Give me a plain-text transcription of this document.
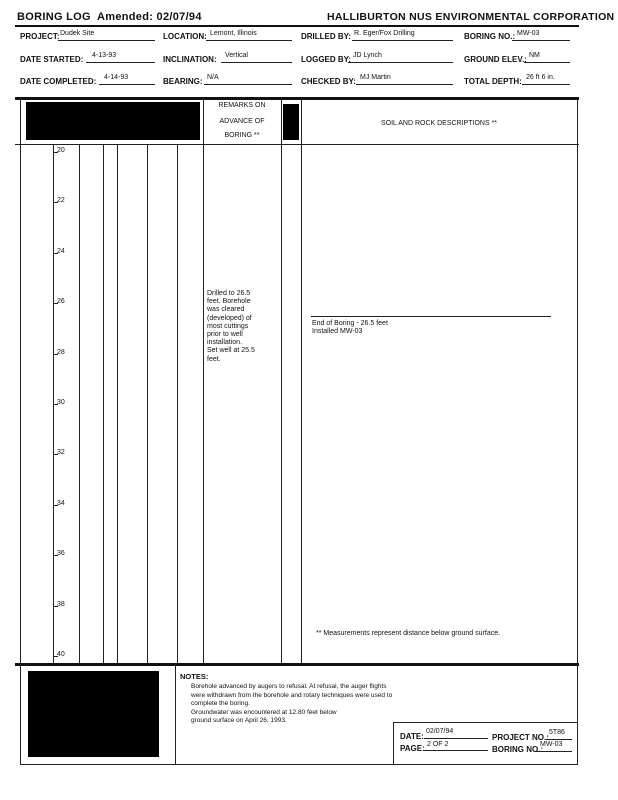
BORING LOG Amended: 02/07/94	HALLIBURTON NUS ENVIRONMENTAL CORPORATION
PROJECT: Dudek Site	LOCATION: Lemont, Illinois	DRILLED BY: R. Eger/Fox Drilling	BORING NO.: MW-03
DATE STARTED: 4-13-93	INCLINATION: Vertical	LOGGED BY: JD Lynch	GROUND ELEV.: NM
DATE COMPLETED: 4-14-93	BEARING: N/A	CHECKED BY: MJ Martin	TOTAL DEPTH: 26 ft 6 in.
REMARKS ON
ADVANCE OF
BORING **
SOIL AND ROCK DESCRIPTIONS **
20
22
24
26
28
30
32
34
36
38
40
Drilled to 26.5
feet. Borehole
was cleared
(developed) of
most cuttings
prior to well
installation.
Set well at 25.5
feet.
End of Boring - 26.5 feet
Installed MW-03
** Measurements represent distance below ground surface.
NOTES:
Borehole advanced by augers to refusal. At refusal, the auger flights
were withdrawn from the borehole and rotary techniques were used to
complete the boring.
Groundwater was encountered at 12.80 feet below
ground surface on April 26, 1993.
DATE:
02/07/94
PROJECT NO.:
5T86
PAGE: 2 OF 2
BORING NO.:
MW-03
